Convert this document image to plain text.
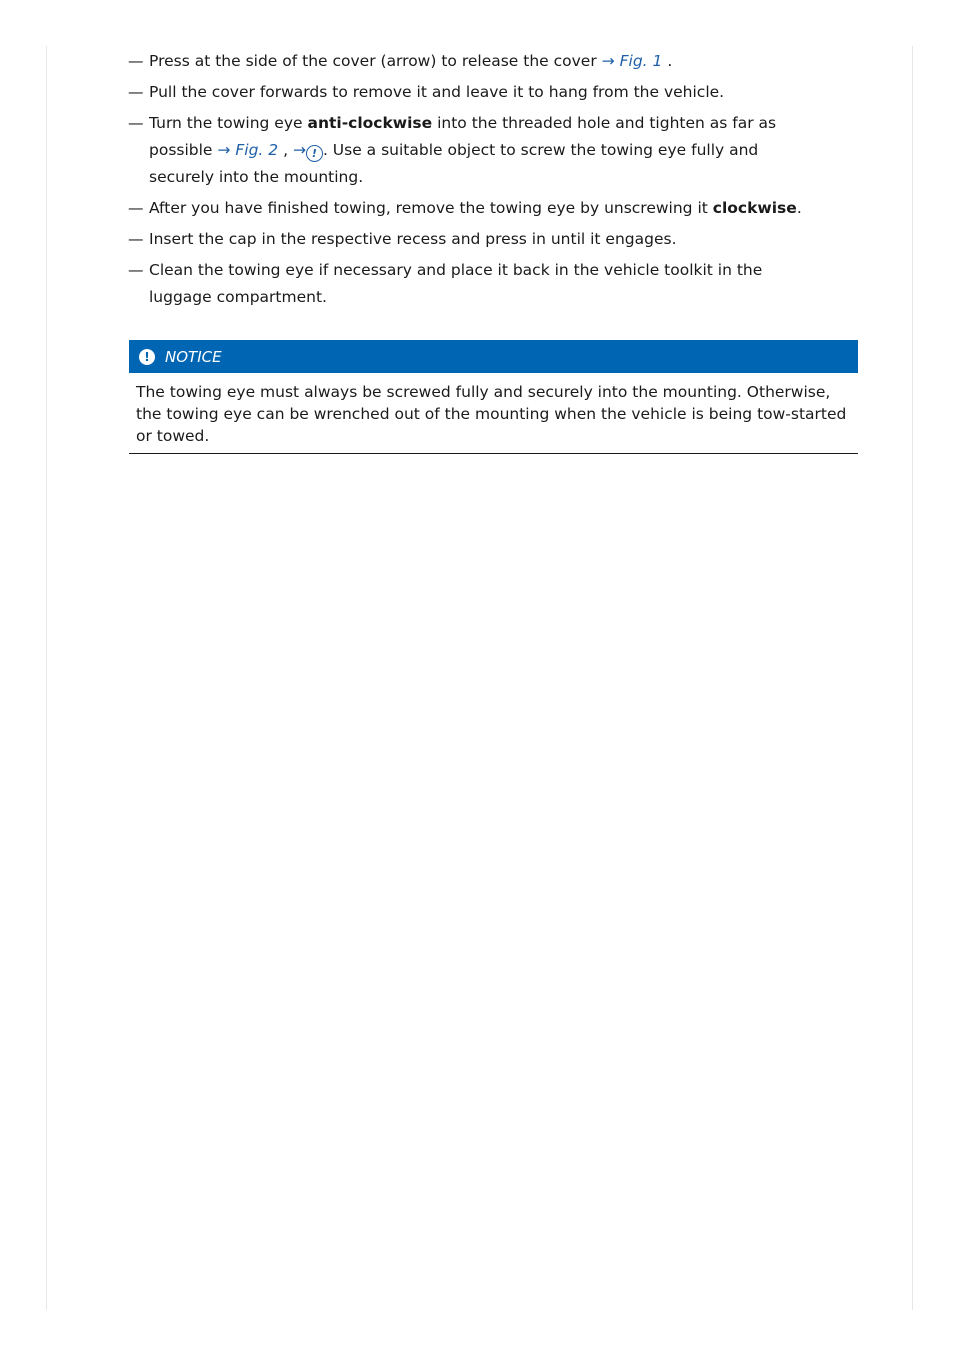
— Press at the side of the cover (arrow) to release the cover → Fig. 1 .
— Pull the cover forwards to remove it and leave it to hang from the vehicle.
— Turn the towing eye anti-clockwise into the threaded hole and tighten as far as possible → Fig. 2 , → ! . Use a suitable object to screw the towing eye fully and securely into the mounting.
— After you have finished towing, remove the towing eye by unscrewing it clockwise.
— Insert the cap in the respective recess and press in until it engages.
— Clean the towing eye if necessary and place it back in the vehicle toolkit in the luggage compartment.
!	NOTICE
The towing eye must always be screwed fully and securely into the mounting. Otherwise, the towing eye can be wrenched out of the mounting when the vehicle is being tow-started or towed.
